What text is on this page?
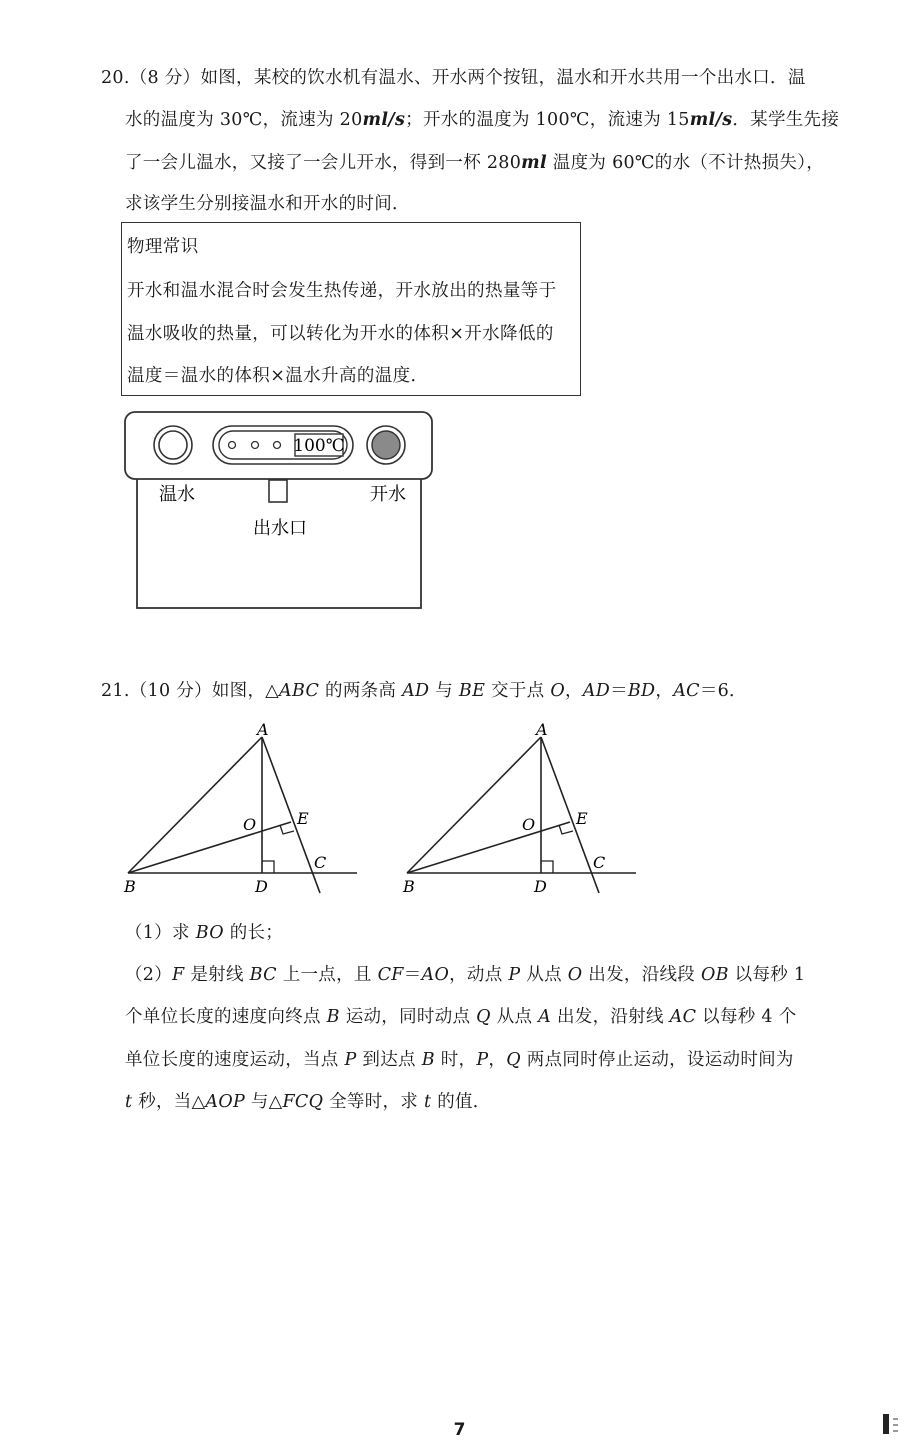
20.（8 分）如图，某校的饮水机有温水、开水两个按钮，温水和开水共用一个出水口．温
水的温度为 30℃，流速为 20ml/s；开水的温度为 100℃，流速为 15ml/s．某学生先接
了一会儿温水，又接了一会儿开水，得到一杯 280ml 温度为 60℃的水（不计热损失），
求该学生分别接温水和开水的时间．
物理常识
开水和温水混合时会发生热传递，开水放出的热量等于
温水吸收的热量，可以转化为开水的体积×开水降低的
温度＝温水的体积×温水升高的温度．
100℃
温水	开水
出水口
21.（10 分）如图，△ABC 的两条高 AD 与 BE 交于点 O，AD＝BD，AC＝6．
A
B
C
D
E
O
A
B
C
D
E
O
（1）求 BO 的长；
（2）F 是射线 BC 上一点，且 CF＝AO，动点 P 从点 O 出发，沿线段 OB 以每秒 1
个单位长度的速度向终点 B 运动，同时动点 Q 从点 A 出发，沿射线 AC 以每秒 4 个
单位长度的速度运动，当点 P 到达点 B 时，P，Q 两点同时停止运动，设运动时间为
t 秒，当△AOP 与△FCQ 全等时，求 t 的值．
7
